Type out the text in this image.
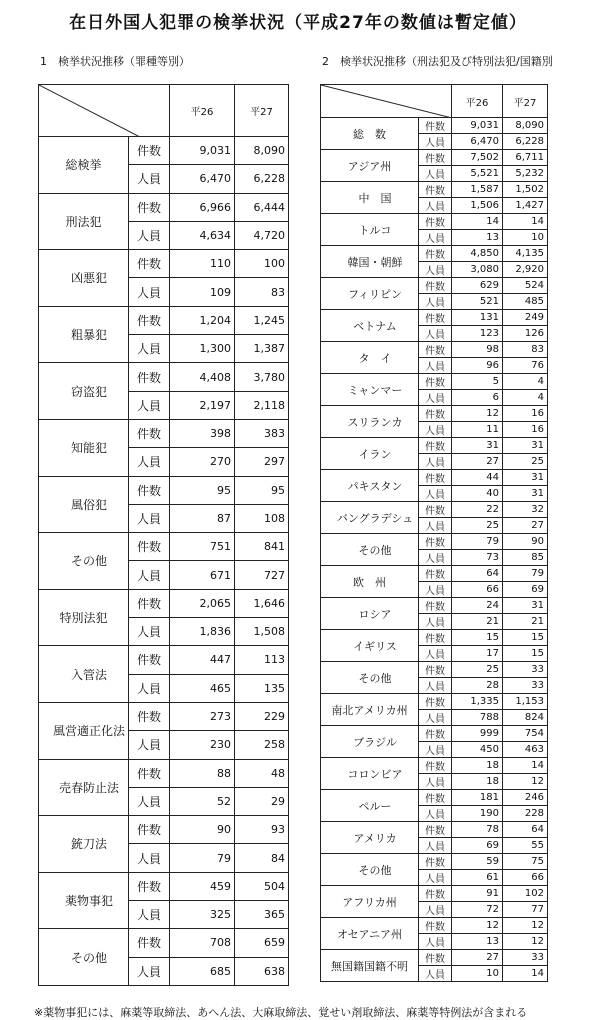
在日外国人犯罪の検挙状況（平成27年の数値は暫定値）
1　検挙状況推移（罪種等別）	2　検挙状況推移（刑法犯及び特別法犯/国籍別
	平26	平27
総検挙	件数	9,031	8,090
	人員	6,470	6,228
刑法犯	件数	6,966	6,444
	人員	4,634	4,720
凶悪犯	件数	110	100
	人員	109	83
粗暴犯	件数	1,204	1,245
	人員	1,300	1,387
窃盗犯	件数	4,408	3,780
	人員	2,197	2,118
知能犯	件数	398	383
	人員	270	297
風俗犯	件数	95	95
	人員	87	108
その他	件数	751	841
	人員	671	727
特別法犯	件数	2,065	1,646
	人員	1,836	1,508
入管法	件数	447	113
	人員	465	135
風営適正化法	件数	273	229
	人員	230	258
売春防止法	件数	88	48
	人員	52	29
銃刀法	件数	90	93
	人員	79	84
薬物事犯	件数	459	504
	人員	325	365
その他	件数	708	659
	人員	685	638
	平26	平27
総　数	件数	9,031	8,090
	人員	6,470	6,228
アジア州	件数	7,502	6,711
	人員	5,521	5,232
中　国	件数	1,587	1,502
	人員	1,506	1,427
トルコ	件数	14	14
	人員	13	10
韓国・朝鮮	件数	4,850	4,135
	人員	3,080	2,920
フィリピン	件数	629	524
	人員	521	485
ベトナム	件数	131	249
	人員	123	126
タ　イ	件数	98	83
	人員	96	76
ミャンマー	件数	5	4
	人員	6	4
スリランカ	件数	12	16
	人員	11	16
イラン	件数	31	31
	人員	27	25
パキスタン	件数	44	31
	人員	40	31
バングラデシュ	件数	22	32
	人員	25	27
その他	件数	79	90
	人員	73	85
欧　州	件数	64	79
	人員	66	69
ロシア	件数	24	31
	人員	21	21
イギリス	件数	15	15
	人員	17	15
その他	件数	25	33
	人員	28	33
南北アメリカ州	件数	1,335	1,153
	人員	788	824
ブラジル	件数	999	754
	人員	450	463
コロンビア	件数	18	14
	人員	18	12
ペルー	件数	181	246
	人員	190	228
アメリカ	件数	78	64
	人員	69	55
その他	件数	59	75
	人員	61	66
アフリカ州	件数	91	102
	人員	72	77
オセアニア州	件数	12	12
	人員	13	12
無国籍国籍不明	件数	27	33
	人員	10	14
※薬物事犯には、麻薬等取締法、あへん法、大麻取締法、覚せい剤取締法、麻薬等特例法が含まれる
